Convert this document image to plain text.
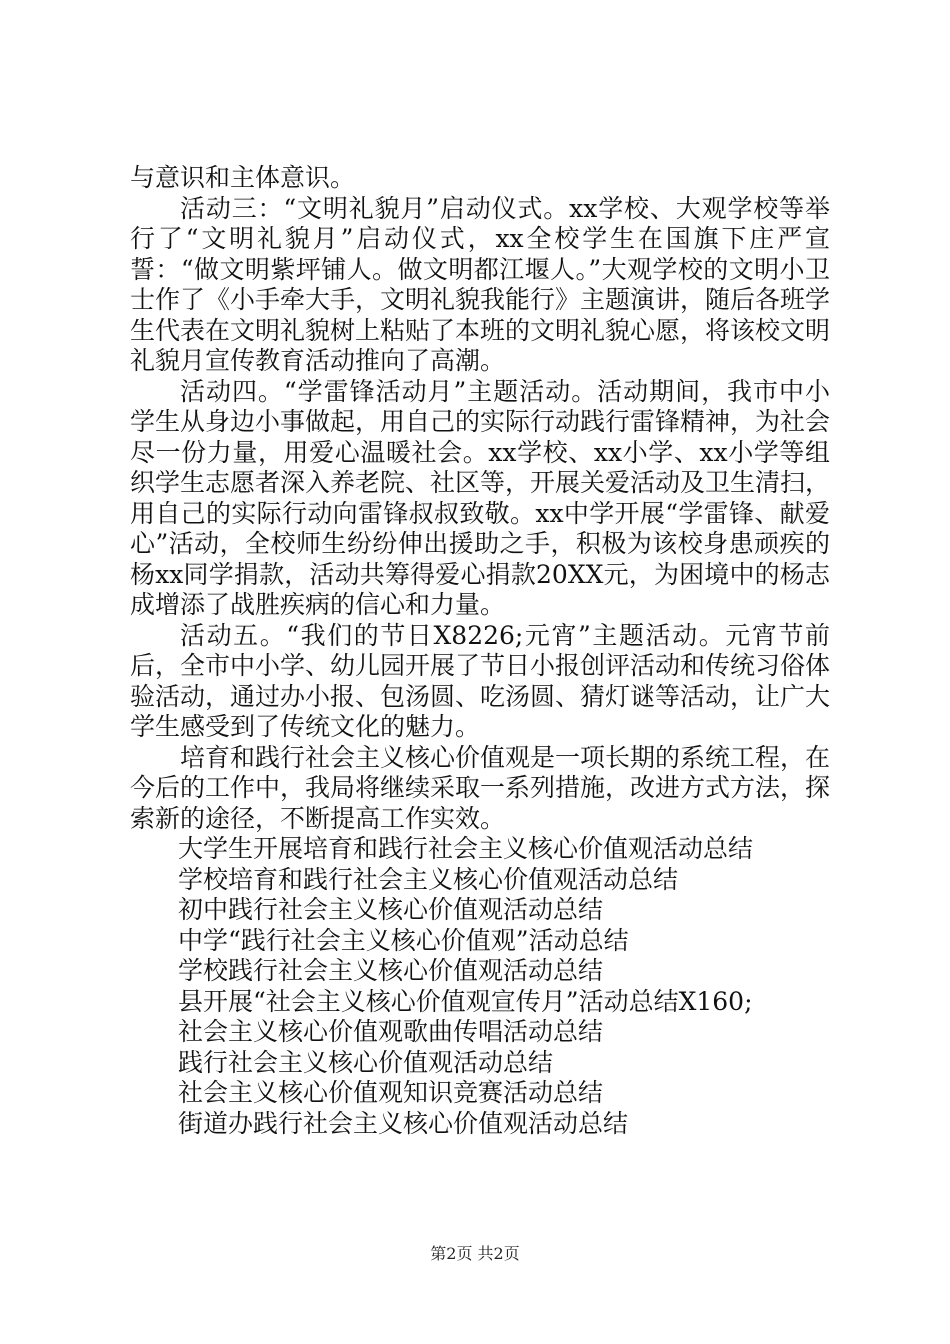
与意识和主体意识。

活动三：“文明礼貌月”启动仪式。xx学校、大观学校等举行了“文明礼貌月”启动仪式，xx全校学生在国旗下庄严宣誓：“做文明紫坪铺人。做文明都江堰人。”大观学校的文明小卫士作了《小手牵大手，文明礼貌我能行》主题演讲，随后各班学生代表在文明礼貌树上粘贴了本班的文明礼貌心愿，将该校文明礼貌月宣传教育活动推向了高潮。

活动四。“学雷锋活动月”主题活动。活动期间，我市中小学生从身边小事做起，用自己的实际行动践行雷锋精神，为社会尽一份力量，用爱心温暖社会。xx学校、xx小学、xx小学等组织学生志愿者深入养老院、社区等，开展关爱活动及卫生清扫，用自己的实际行动向雷锋叔叔致敬。xx中学开展“学雷锋、献爱心”活动，全校师生纷纷伸出援助之手，积极为该校身患顽疾的杨xx同学捐款，活动共筹得爱心捐款20XX元，为困境中的杨志成增添了战胜疾病的信心和力量。

活动五。“我们的节日X8226;元宵”主题活动。元宵节前后，全市中小学、幼儿园开展了节日小报创评活动和传统习俗体验活动，通过办小报、包汤圆、吃汤圆、猜灯谜等活动，让广大学生感受到了传统文化的魅力。

培育和践行社会主义核心价值观是一项长期的系统工程，在今后的工作中，我局将继续采取一系列措施，改进方式方法，探索新的途径，不断提高工作实效。

大学生开展培育和践行社会主义核心价值观活动总结
学校培育和践行社会主义核心价值观活动总结
初中践行社会主义核心价值观活动总结
中学“践行社会主义核心价值观”活动总结
学校践行社会主义核心价值观活动总结
县开展“社会主义核心价值观宣传月”活动总结X160;
社会主义核心价值观歌曲传唱活动总结
践行社会主义核心价值观活动总结
社会主义核心价值观知识竞赛活动总结
街道办践行社会主义核心价值观活动总结
第2页 共2页
